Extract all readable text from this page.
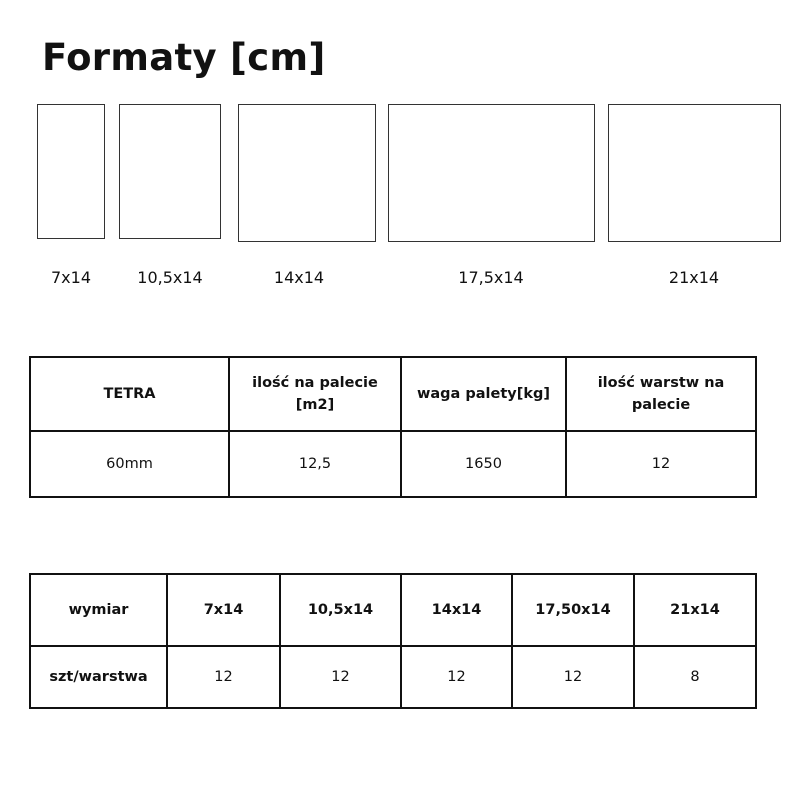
Formaty [cm]
7x14	10,5x14	14x14	17,5x14	21x14
TETRA	ilość na palecie [m2]	waga palety[kg]	ilość warstw na palecie
60mm	12,5	1650	12
wymiar	7x14	10,5x14	14x14	17,50x14	21x14
szt/warstwa	12	12	12	12	8
